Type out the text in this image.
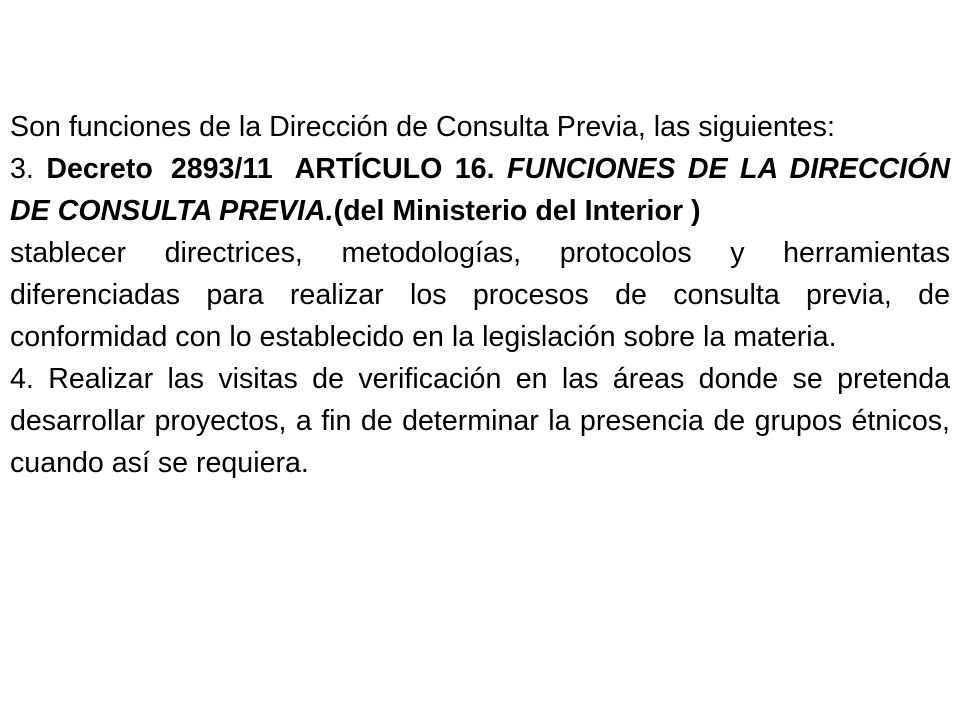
Son funciones de la Dirección de Consulta Previa, las siguientes:

3. Decreto 2893/11 ARTÍCULO 16. FUNCIONES DE LA DIRECCIÓN DE CONSULTA PREVIA.(del Ministerio del Interior )

stablecer directrices, metodologías, protocolos y herramientas diferenciadas para realizar los procesos de consulta previa, de conformidad con lo establecido en la legislación sobre la materia.

4. Realizar las visitas de verificación en las áreas donde se pretenda desarrollar proyectos, a fin de determinar la presencia de grupos étnicos, cuando así se requiera.
